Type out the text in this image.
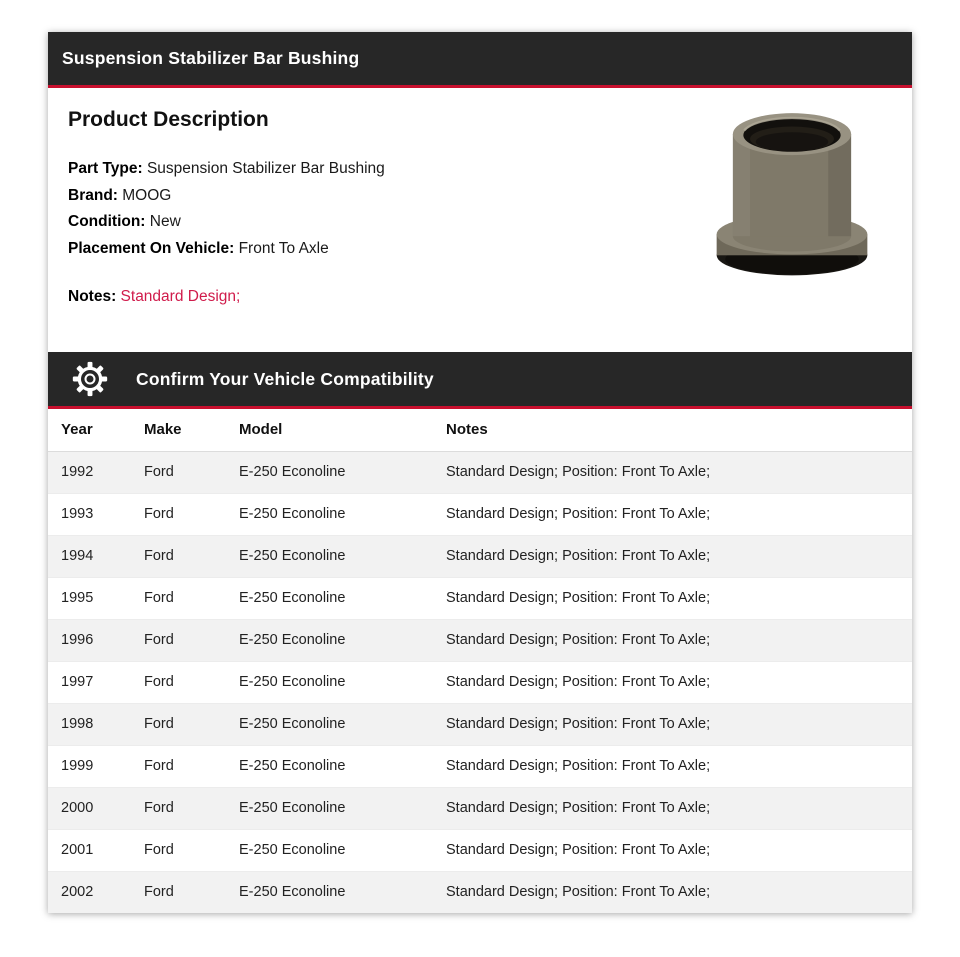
Suspension Stabilizer Bar Bushing
Product Description

Part Type: Suspension Stabilizer Bar Bushing

Brand: MOOG

Condition: New

Placement On Vehicle: Front To Axle

Notes: Standard Design;

Confirm Your Vehicle Compatibility
Year	Make	Model	Notes
1992	Ford	E-250 Econoline	Standard Design; Position: Front To Axle;
1993	Ford	E-250 Econoline	Standard Design; Position: Front To Axle;
1994	Ford	E-250 Econoline	Standard Design; Position: Front To Axle;
1995	Ford	E-250 Econoline	Standard Design; Position: Front To Axle;
1996	Ford	E-250 Econoline	Standard Design; Position: Front To Axle;
1997	Ford	E-250 Econoline	Standard Design; Position: Front To Axle;
1998	Ford	E-250 Econoline	Standard Design; Position: Front To Axle;
1999	Ford	E-250 Econoline	Standard Design; Position: Front To Axle;
2000	Ford	E-250 Econoline	Standard Design; Position: Front To Axle;
2001	Ford	E-250 Econoline	Standard Design; Position: Front To Axle;
2002	Ford	E-250 Econoline	Standard Design; Position: Front To Axle;
